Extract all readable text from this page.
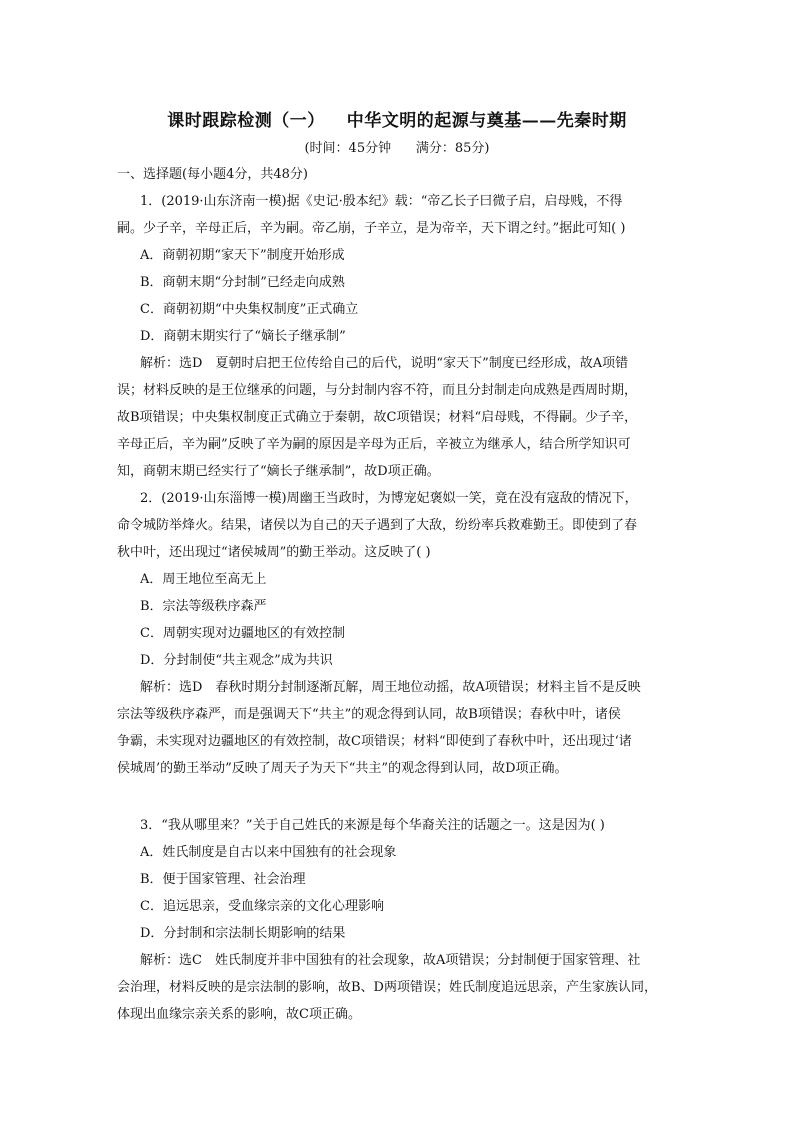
课时跟踪检测（一） 中华文明的起源与奠基——先秦时期
(时间：45分钟      满分：85分)
一、选择题(每小题4分，共48分)
1．(2019·山东济南一模)据《史记·殷本纪》载：“帝乙长子曰微子启，启母贱，不得
嗣。少子辛，辛母正后，辛为嗣。帝乙崩，子辛立，是为帝辛，天下谓之纣。”据此可知( )
A．商朝初期“家天下”制度开始形成
B．商朝末期“分封制”已经走向成熟
C．商朝初期“中央集权制度”正式确立
D．商朝末期实行了“嫡长子继承制”
解析：选D　夏朝时启把王位传给自己的后代，说明“家天下”制度已经形成，故A项错
误；材料反映的是王位继承的问题，与分封制内容不符，而且分封制走向成熟是西周时期，
故B项错误；中央集权制度正式确立于秦朝，故C项错误；材料“启母贱，不得嗣。少子辛，
辛母正后，辛为嗣”反映了辛为嗣的原因是辛母为正后，辛被立为继承人，结合所学知识可
知，商朝末期已经实行了“嫡长子继承制”，故D项正确。
2．(2019·山东淄博一模)周幽王当政时，为博宠妃褒姒一笑，竟在没有寇敌的情况下，
命令城防举烽火。结果，诸侯以为自己的天子遇到了大敌，纷纷率兵救难勤王。即使到了春
秋中叶，还出现过“诸侯城周”的勤王举动。这反映了( )
A．周王地位至高无上
B．宗法等级秩序森严
C．周朝实现对边疆地区的有效控制
D．分封制使“共主观念”成为共识
解析：选D　春秋时期分封制逐渐瓦解，周王地位动摇，故A项错误；材料主旨不是反映
宗法等级秩序森严，而是强调天下“共主”的观念得到认同，故B项错误；春秋中叶，诸侯
争霸，未实现对边疆地区的有效控制，故C项错误；材料“即使到了春秋中叶，还出现过‘诸
侯城周’的勤王举动”反映了周天子为天下“共主”的观念得到认同，故D项正确。
3．“我从哪里来？”关于自己姓氏的来源是每个华裔关注的话题之一。这是因为( )
A．姓氏制度是自古以来中国独有的社会现象
B．便于国家管理、社会治理
C．追远思亲，受血缘宗亲的文化心理影响
D．分封制和宗法制长期影响的结果
解析：选C　姓氏制度并非中国独有的社会现象，故A项错误；分封制便于国家管理、社
会治理，材料反映的是宗法制的影响，故B、D两项错误；姓氏制度追远思亲，产生家族认同，
体现出血缘宗亲关系的影响，故C项正确。
